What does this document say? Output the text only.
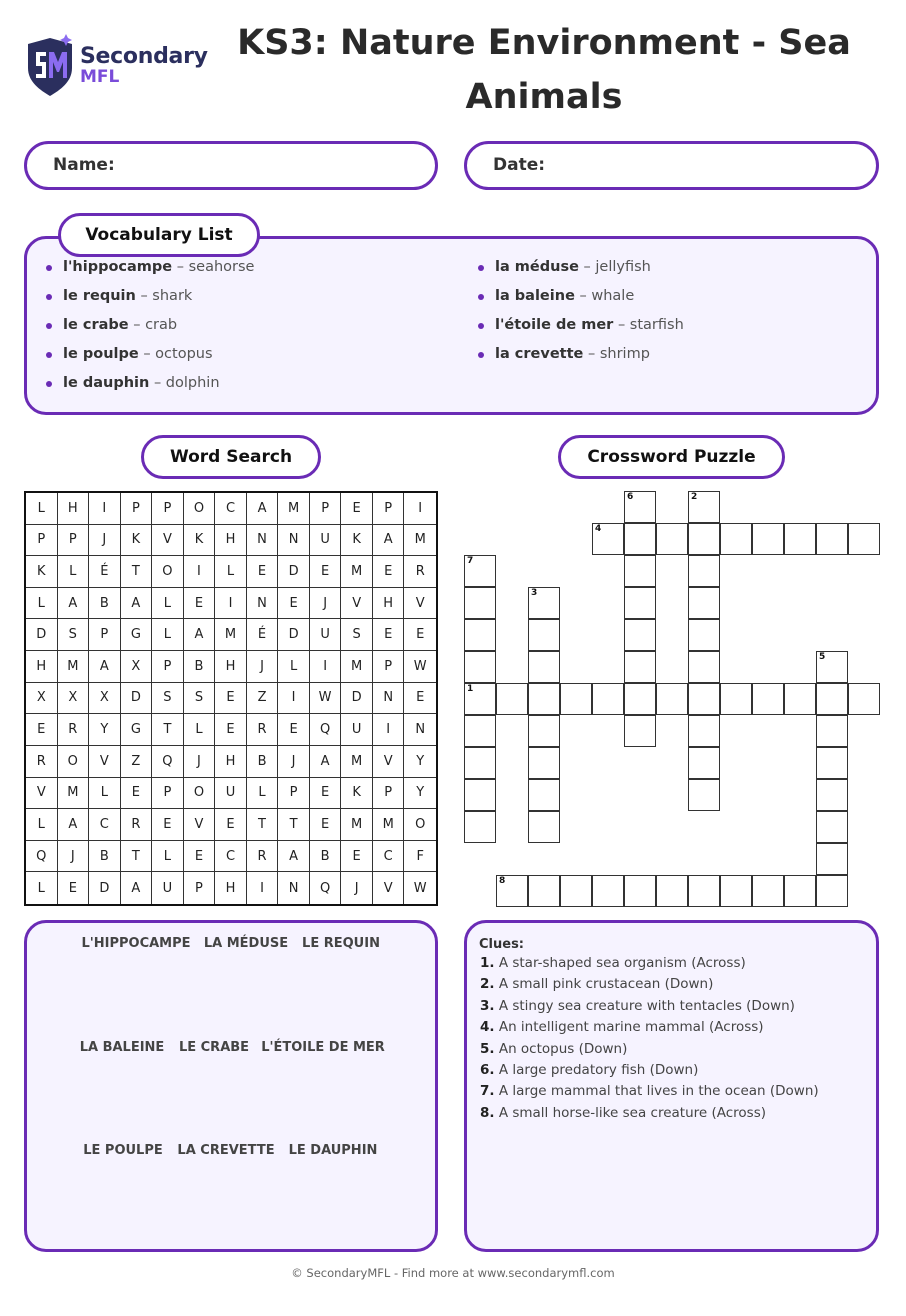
Secondary
MFL
KS3: Nature Environment - Sea Animals
Name:	Date:
Vocabulary List
l'hippocampe – seahorse
le requin – shark
le crabe – crab
le poulpe – octopus
le dauphin – dolphin
la méduse – jellyfish
la baleine – whale
l'étoile de mer – starfish
la crevette – shrimp
Word Search	Crossword Puzzle
L	H	I	P	P	O	C	A	M	P	E	P	I
P	P	J	K	V	K	H	N	N	U	K	A	M
K	L	É	T	O	I	L	E	D	E	M	E	R
L	A	B	A	L	E	I	N	E	J	V	H	V
D	S	P	G	L	A	M	É	D	U	S	E	E
H	M	A	X	P	B	H	J	L	I	M	P	W
X	X	X	D	S	S	E	Z	I	W	D	N	E
E	R	Y	G	T	L	E	R	E	Q	U	I	N
R	O	V	Z	Q	J	H	B	J	A	M	V	Y
V	M	L	E	P	O	U	L	P	E	K	P	Y
L	A	C	R	E	V	E	T	T	E	M	M	O
Q	J	B	T	L	E	C	R	A	B	E	C	F
L	E	D	A	U	P	H	I	N	Q	J	V	W
6	2
4
7
3
5
1
8
L'HIPPOCAMPE LA MÉDUSE LE REQUIN
LA BALEINE LE CRABE L'ÉTOILE DE MER
LE POULPE LA CREVETTE LE DAUPHIN
Clues:
1. A star-shaped sea organism (Across)
2. A small pink crustacean (Down)
3. A stingy sea creature with tentacles (Down)
4. An intelligent marine mammal (Across)
5. An octopus (Down)
6. A large predatory fish (Down)
7. A large mammal that lives in the ocean (Down)
8. A small horse-like sea creature (Across)
© SecondaryMFL - Find more at www.secondarymfl.com
